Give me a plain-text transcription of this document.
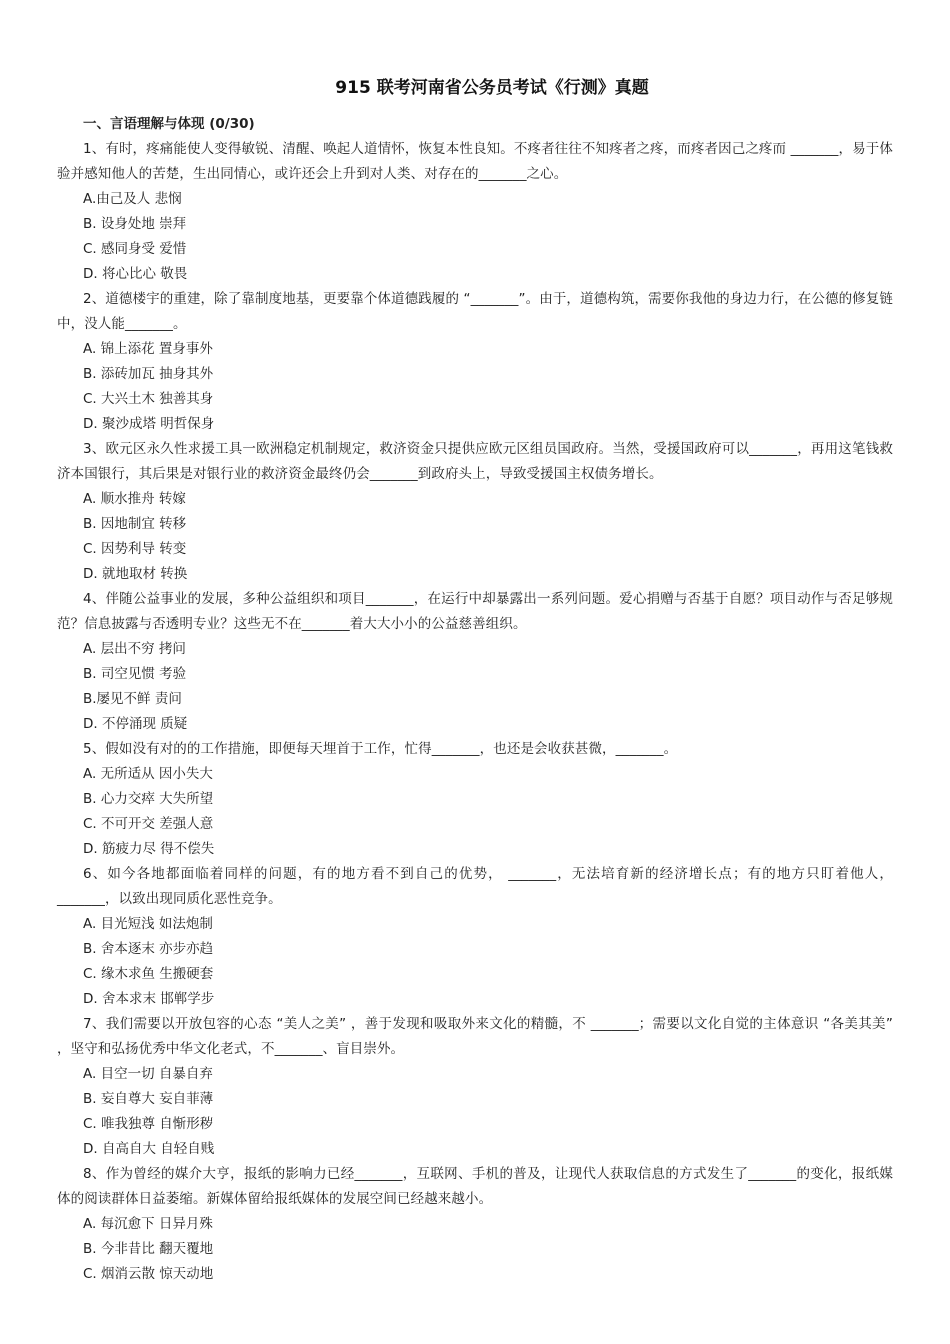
915 联考河南省公务员考试《行测》真题
一、言语理解与体现 (0/30)
1、有时，疼痛能使人变得敏锐、清醒、唤起人道情怀，恢复本性良知。不疼者往往不知疼者之疼，而疼者因己之疼而 _______，易于体验并感知他人的苦楚，生出同情心，或许还会上升到对人类、对存在的_______之心。
A.由己及人 悲悯
B. 设身处地 崇拜
C. 感同身受 爱惜
D. 将心比心 敬畏
2、道德楼宇的重建，除了靠制度地基，更要靠个体道德践履的 “_______”。由于，道德构筑，需要你我他的身边力行，在公德的修复链中，没人能_______。
A. 锦上添花 置身事外
B. 添砖加瓦 抽身其外
C. 大兴土木 独善其身
D. 聚沙成塔 明哲保身
3、欧元区永久性求援工具一欧洲稳定机制规定，救济资金只提供应欧元区组员国政府。当然，受援国政府可以_______，再用这笔钱救济本国银行，其后果是对银行业的救济资金最终仍会_______到政府头上，导致受援国主权债务增长。
A. 顺水推舟 转嫁
B. 因地制宜 转移
C. 因势利导 转变
D. 就地取材 转换
4、伴随公益事业的发展，多种公益组织和项目_______，在运行中却暴露出一系列问题。爱心捐赠与否基于自愿？项目动作与否足够规范？信息披露与否透明专业？这些无不在_______着大大小小的公益慈善组织。
A. 层出不穷 拷问
B. 司空见惯 考验
B.屡见不鲜 责问
D. 不停涌现 质疑
5、假如没有对的的工作措施，即便每天埋首于工作，忙得_______，也还是会收获甚微，_______。
A. 无所适从 因小失大
B. 心力交瘁 大失所望
C. 不可开交 差强人意
D. 筋疲力尽 得不偿失
6、如今各地都面临着同样的问题，有的地方看不到自己的优势， _______，无法培育新的经济增长点；有的地方只盯着他人， _______，以致出现同质化恶性竞争。
A. 目光短浅 如法炮制
B. 舍本逐末 亦步亦趋
C. 缘木求鱼 生搬硬套
D. 舍本求末 邯郸学步
7、我们需要以开放包容的心态 “美人之美” ，善于发现和吸取外来文化的精髓，不 _______；需要以文化自觉的主体意识 “各美其美” ，坚守和弘扬优秀中华文化老式，不_______、盲目崇外。
A. 目空一切 自暴自弃
B. 妄自尊大 妄自菲薄
C. 唯我独尊 自惭形秽
D. 自高自大 自轻自贱
8、作为曾经的媒介大亨，报纸的影响力已经_______，互联网、手机的普及，让现代人获取信息的方式发生了_______的变化，报纸媒体的阅读群体日益萎缩。新媒体留给报纸媒体的发展空间已经越来越小。
A. 每沉愈下 日异月殊
B. 今非昔比 翻天覆地
C. 烟消云散 惊天动地
